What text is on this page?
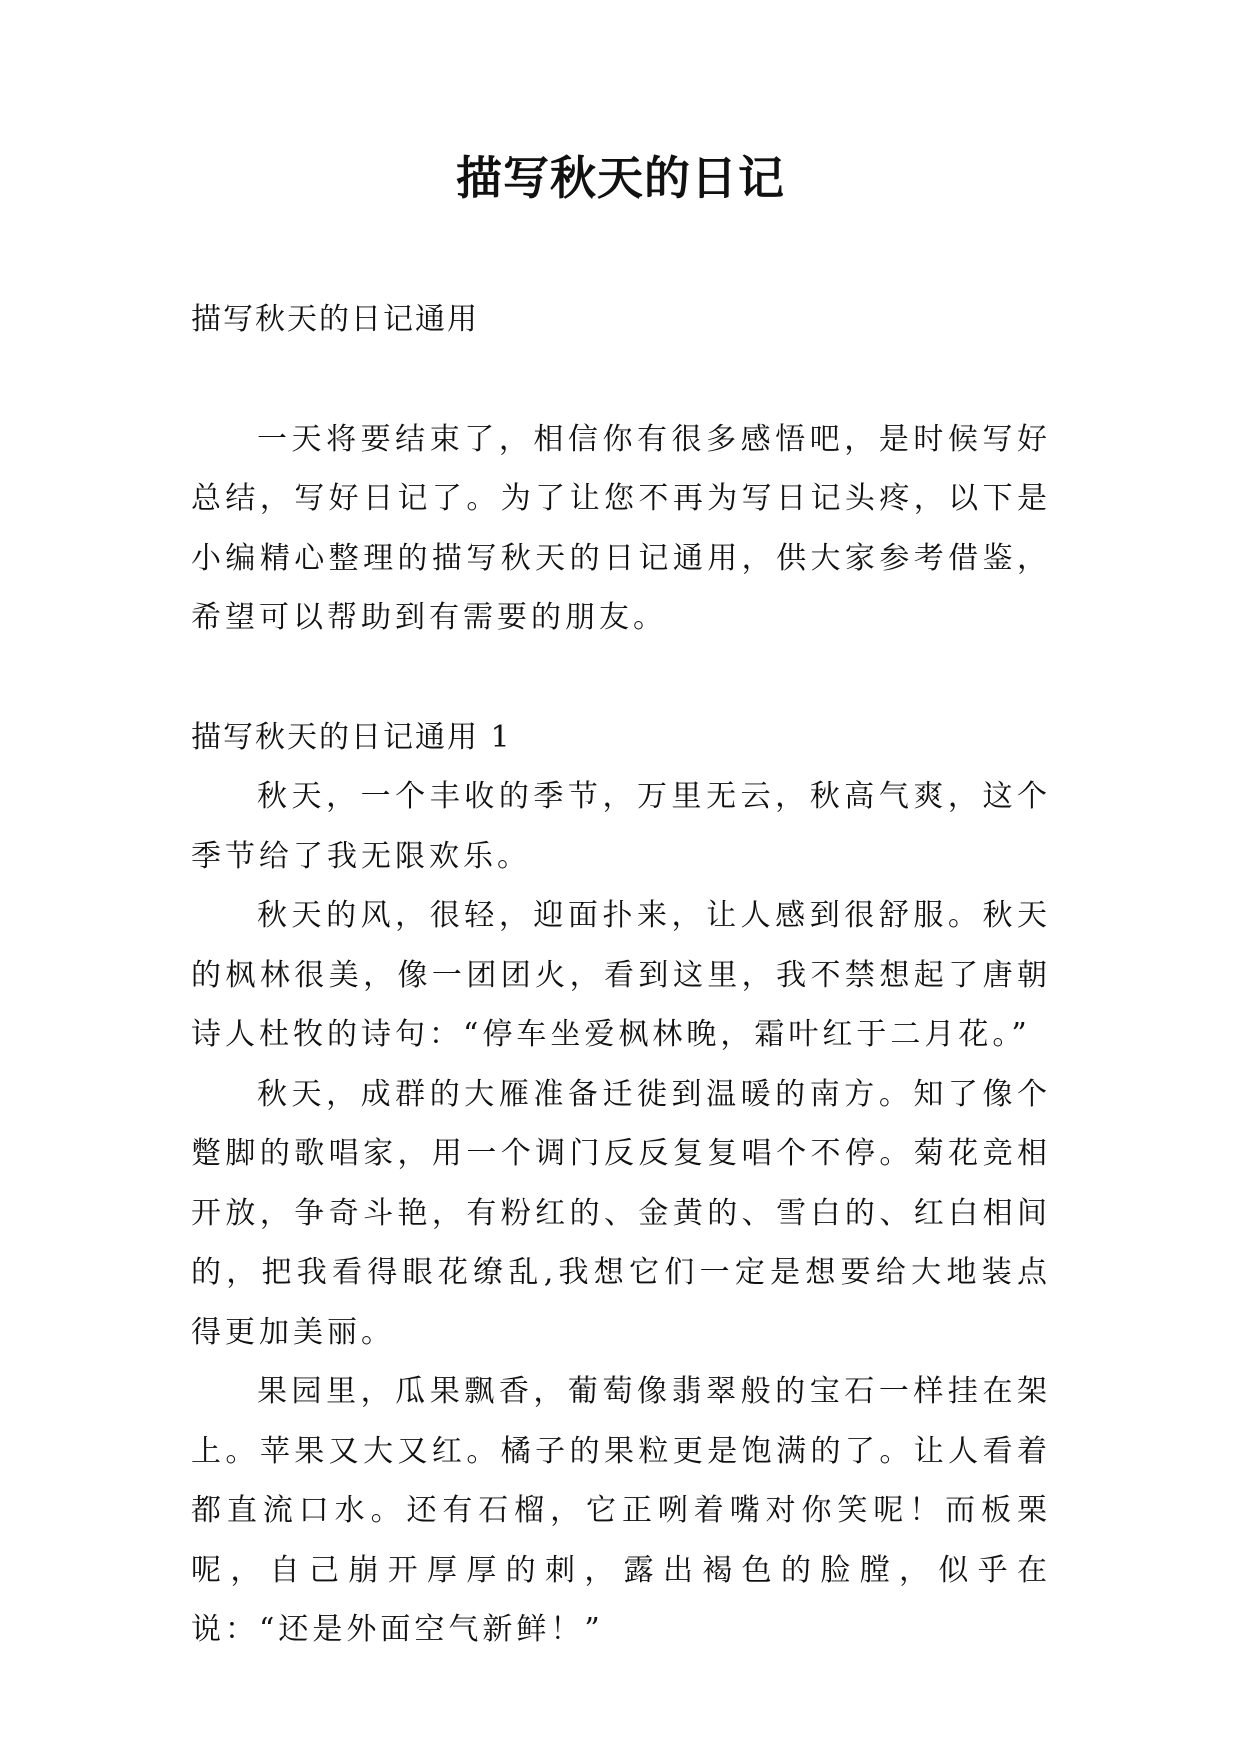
描写秋天的日记

描写秋天的日记通用

一天将要结束了，相信你有很多感悟吧，是时候写好总结，写好日记了。为了让您不再为写日记头疼，以下是小编精心整理的描写秋天的日记通用，供大家参考借鉴，希望可以帮助到有需要的朋友。

描写秋天的日记通用 1

秋天，一个丰收的季节，万里无云，秋高气爽，这个季节给了我无限欢乐。

秋天的风，很轻，迎面扑来，让人感到很舒服。秋天的枫林很美，像一团团火，看到这里，我不禁想起了唐朝诗人杜牧的诗句：“停车坐爱枫林晚，霜叶红于二月花。”

秋天，成群的大雁准备迁徙到温暖的南方。知了像个蹩脚的歌唱家，用一个调门反反复复唱个不停。菊花竞相开放，争奇斗艳，有粉红的、金黄的、雪白的、红白相间的，把我看得眼花缭乱,我想它们一定是想要给大地装点得更加美丽。

果园里，瓜果飘香，葡萄像翡翠般的宝石一样挂在架上。苹果又大又红。橘子的果粒更是饱满的了。让人看着都直流口水。还有石榴，它正咧着嘴对你笑呢！而板栗呢，自己崩开厚厚的刺，露出褐色的脸膛，似乎在说：“还是外面空气新鲜！”
